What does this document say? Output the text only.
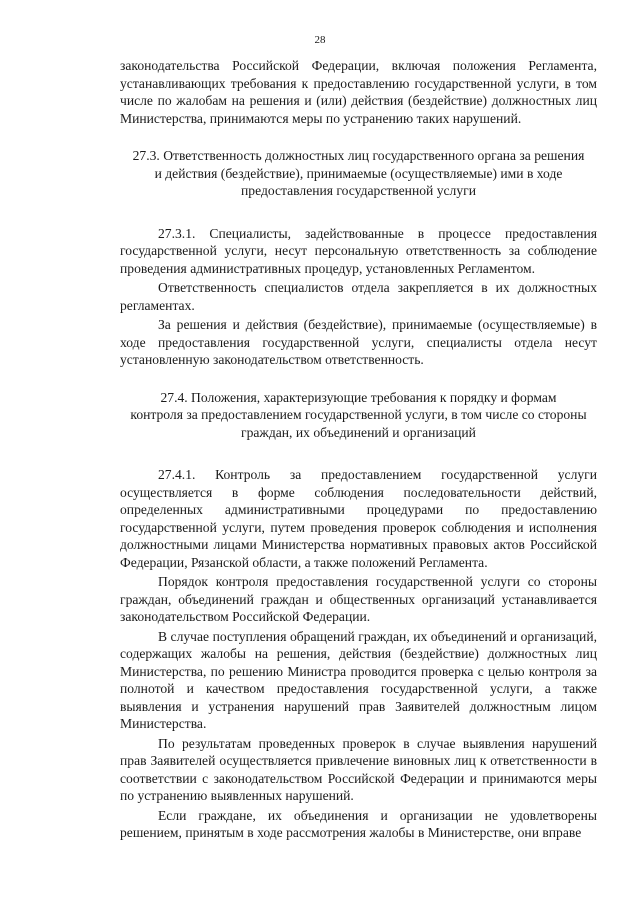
28

законодательства Российской Федерации, включая положения Регламента, устанавливающих требования к предоставлению государственной услуги, в том числе по жалобам на решения и (или) действия (бездействие) должностных лиц Министерства, принимаются меры по устранению таких нарушений.

27.3. Ответственность должностных лиц государственного органа за решения
и действия (бездействие), принимаемые (осуществляемые) ими в ходе
предоставления государственной услуги

27.3.1. Специалисты, задействованные в процессе предоставления государственной услуги, несут персональную ответственность за соблюдение проведения административных процедур, установленных Регламентом.

Ответственность специалистов отдела закрепляется в их должностных регламентах.

За решения и действия (бездействие), принимаемые (осуществляемые) в ходе предоставления государственной услуги, специалисты отдела несут установленную законодательством ответственность.

27.4. Положения, характеризующие требования к порядку и формам
контроля за предоставлением государственной услуги, в том числе со стороны
граждан, их объединений и организаций

27.4.1. Контроль за предоставлением государственной услуги осуществляется в форме соблюдения последовательности действий, определенных административными процедурами по предоставлению государственной услуги, путем проведения проверок соблюдения и исполнения должностными лицами Министерства нормативных правовых актов Российской Федерации, Рязанской области, а также положений Регламента.

Порядок контроля предоставления государственной услуги со стороны граждан, объединений граждан и общественных организаций устанавливается законодательством Российской Федерации.

В случае поступления обращений граждан, их объединений и организаций, содержащих жалобы на решения, действия (бездействие) должностных лиц Министерства, по решению Министра проводится проверка с целью контроля за полнотой и качеством предоставления государственной услуги, а также выявления и устранения нарушений прав Заявителей должностным лицом Министерства.

По результатам проведенных проверок в случае выявления нарушений прав Заявителей осуществляется привлечение виновных лиц к ответственности в соответствии с законодательством Российской Федерации и принимаются меры по устранению выявленных нарушений.

Если граждане, их объединения и организации не удовлетворены решением, принятым в ходе рассмотрения жалобы в Министерстве, они вправе
